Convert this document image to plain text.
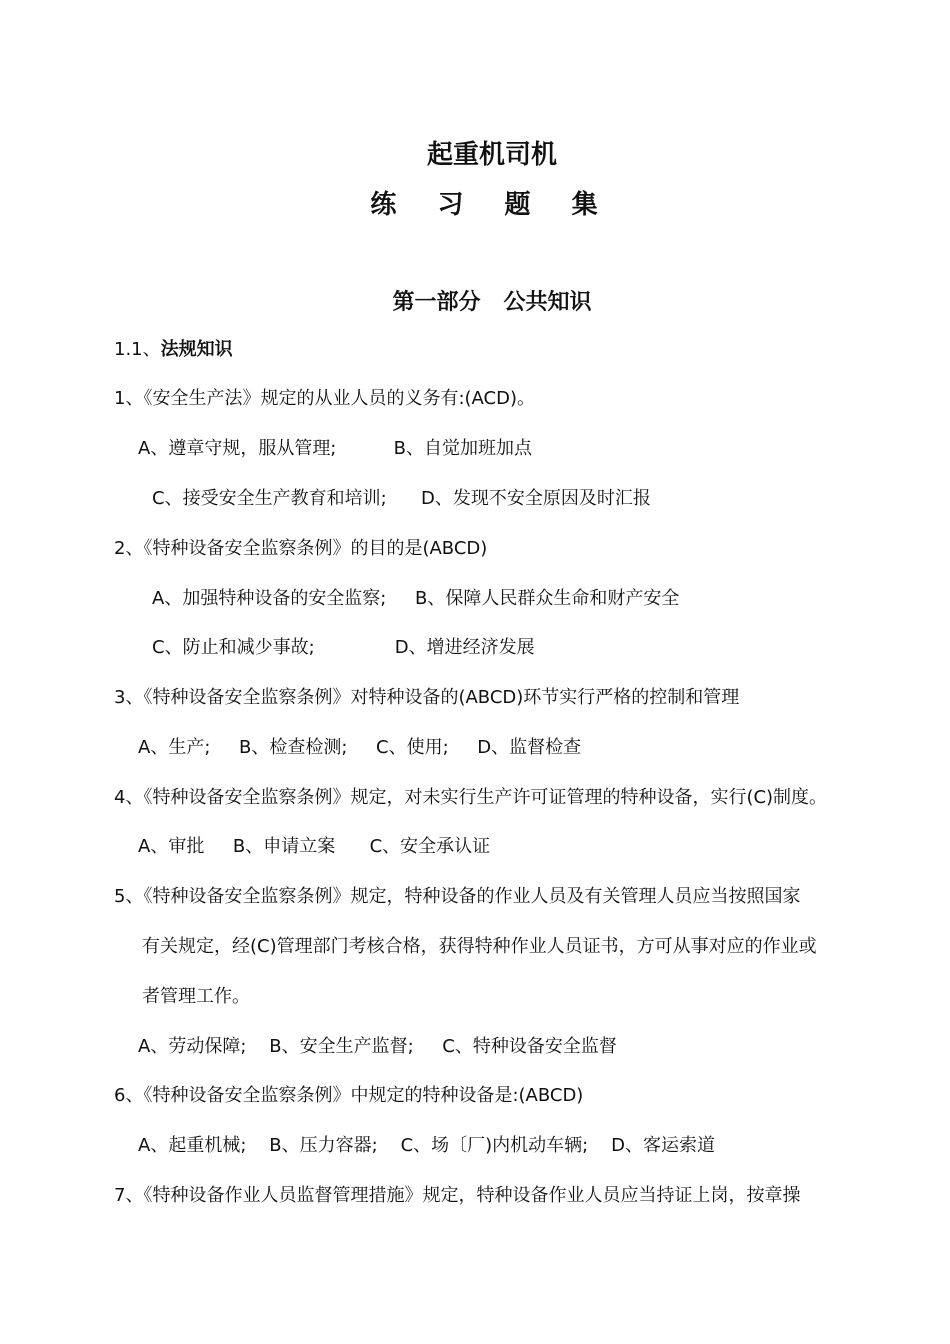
起重机司机
练 习 题 集
第一部分   公共知识
1.1、法规知识
1、《安全生产法》规定的从业人员的义务有:(ACD)。
A、遵章守规，服从管理;          B、自觉加班加点
C、接受安全生产教育和培训;      D、发现不安全原因及时汇报
2、《特种设备安全监察条例》的目的是(ABCD)
A、加强特种设备的安全监察;     B、保障人民群众生命和财产安全
C、防止和减少事故;              D、增进经济发展
3、《特种设备安全监察条例》对特种设备的(ABCD)环节实行严格的控制和管理
A、生产;     B、检查检测;     C、使用;     D、监督检查
4、《特种设备安全监察条例》规定，对未实行生产许可证管理的特种设备，实行(C)制度。
A、审批     B、申请立案      C、安全承认证
5、《特种设备安全监察条例》规定，特种设备的作业人员及有关管理人员应当按照国家
有关规定，经(C)管理部门考核合格，获得特种作业人员证书，方可从事对应的作业或
者管理工作。
A、劳动保障;    B、安全生产监督;     C、特种设备安全监督
6、《特种设备安全监察条例》中规定的特种设备是:(ABCD)
A、起重机械;    B、压力容器;    C、场〔厂)内机动车辆;    D、客运索道
7、《特种设备作业人员监督管理措施》规定，特种设备作业人员应当持证上岗，按章操
